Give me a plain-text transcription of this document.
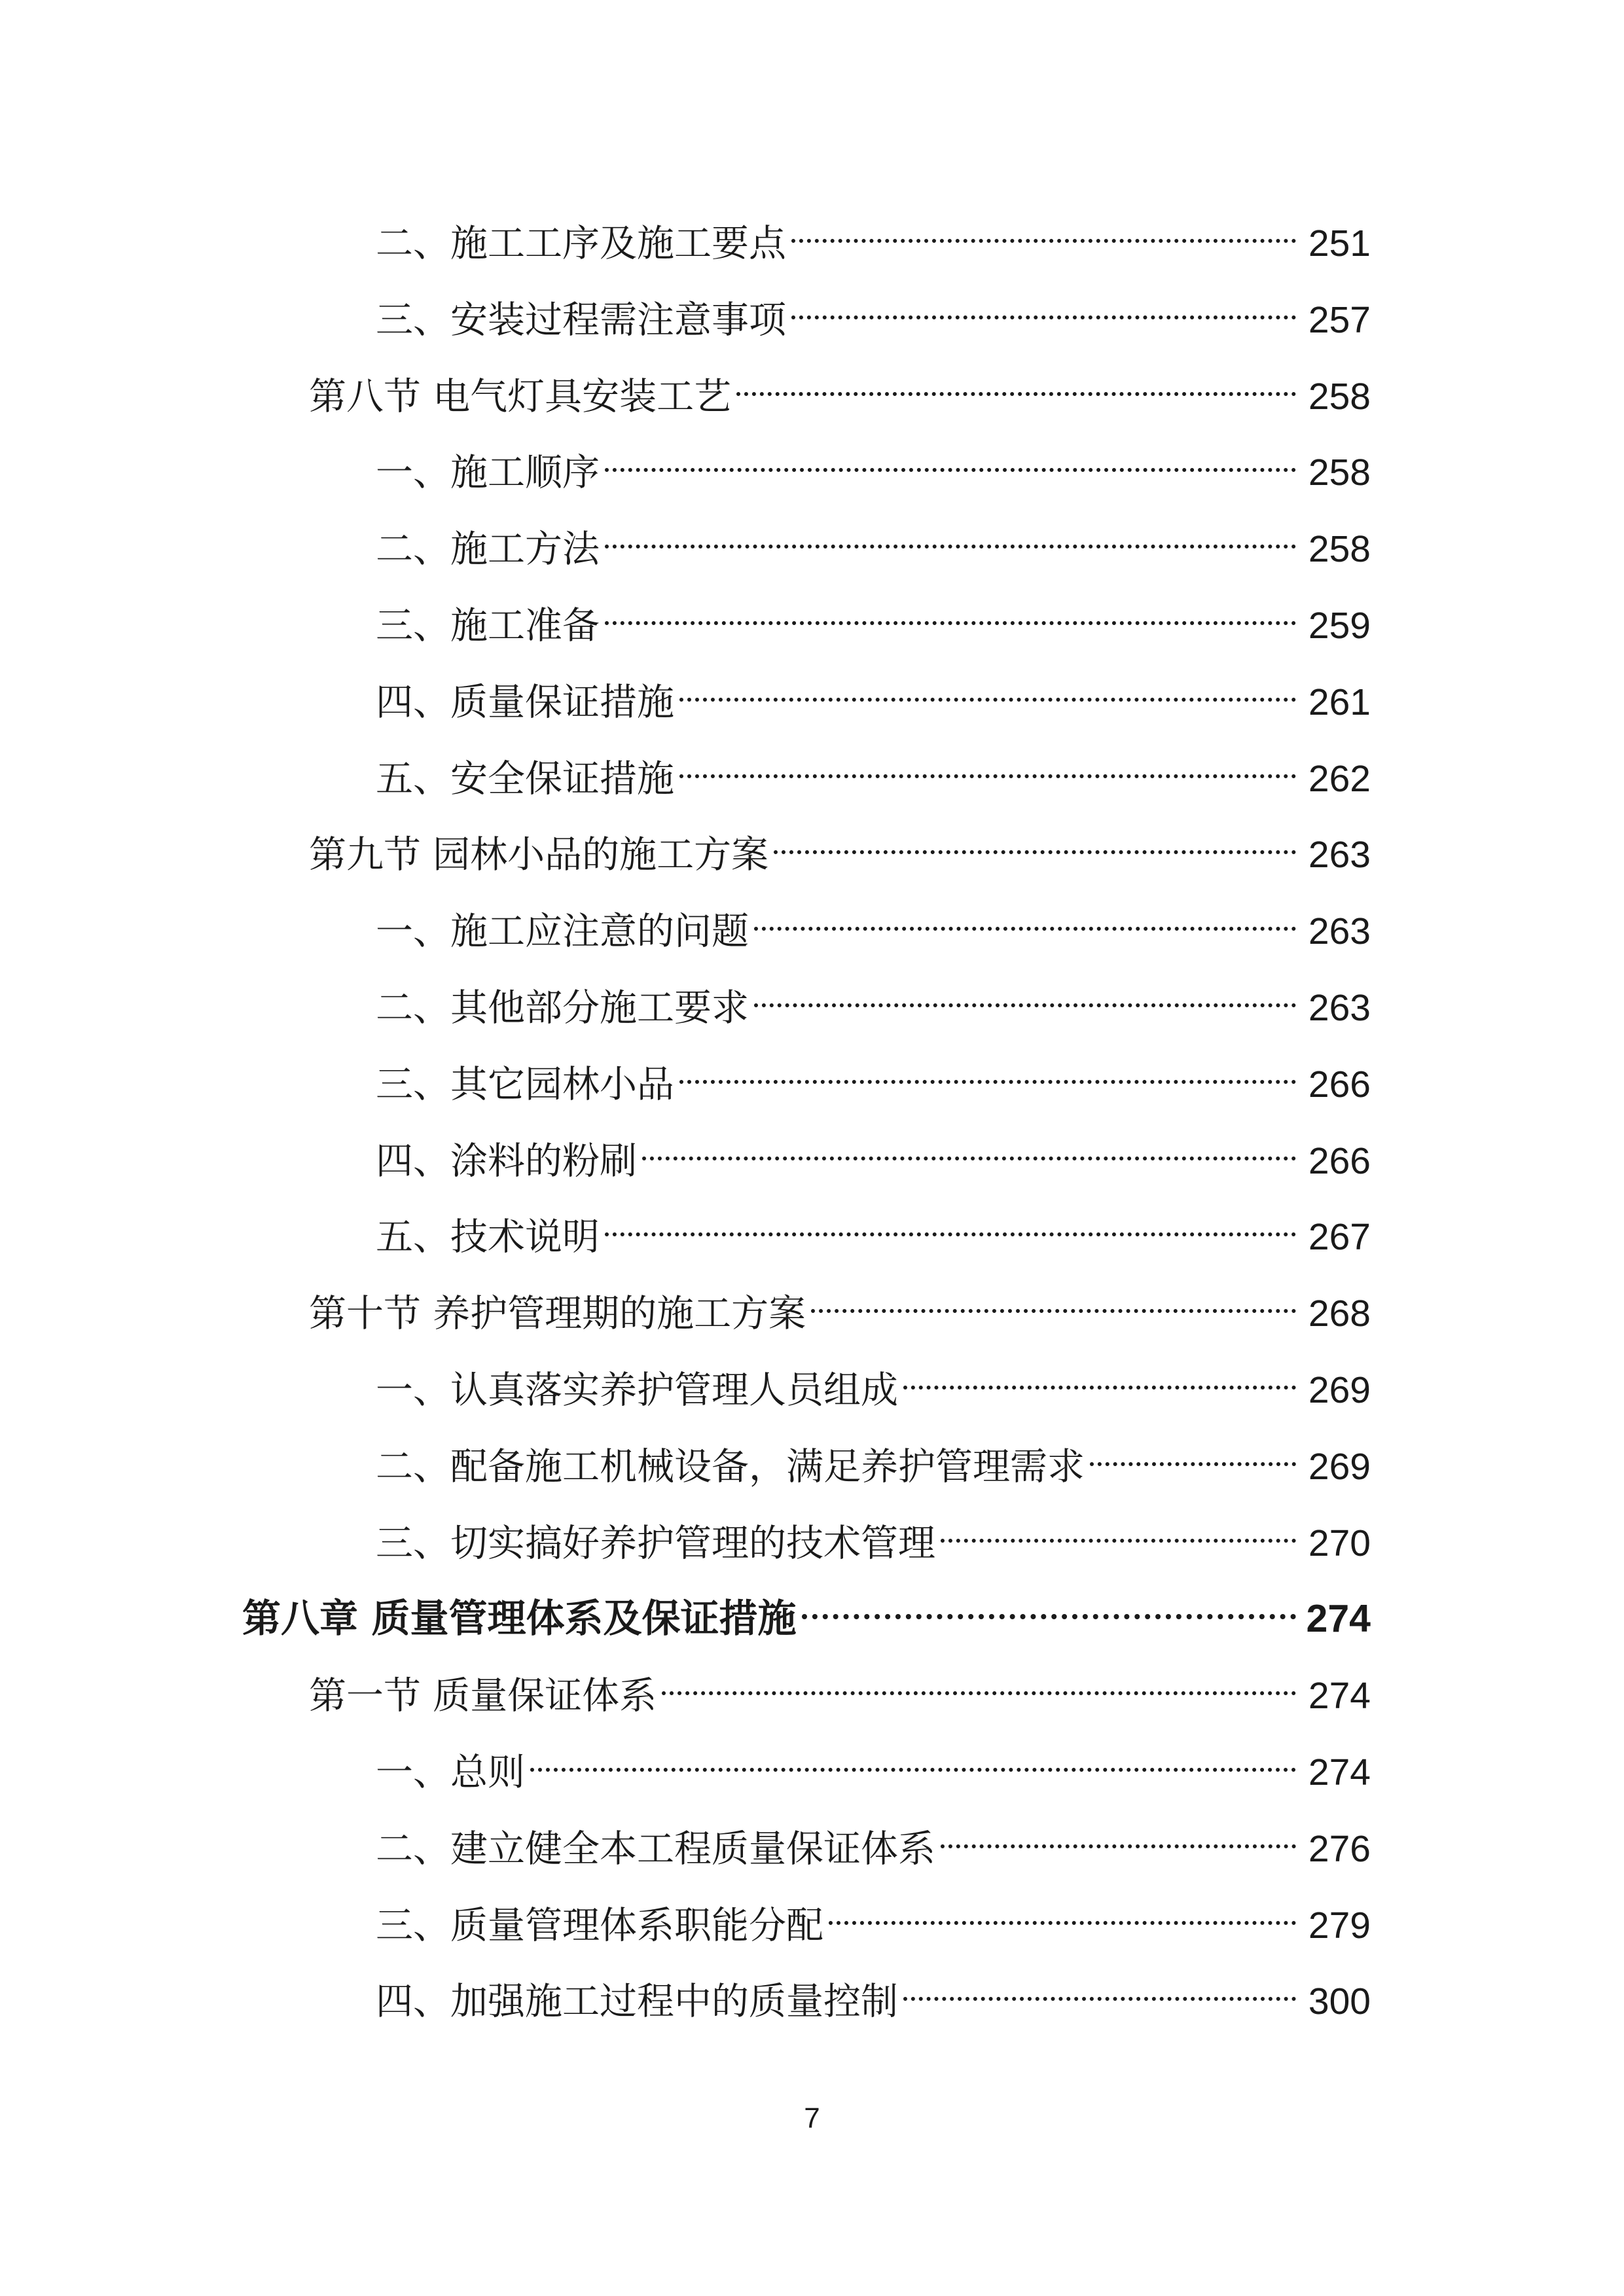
二、施工工序及施工要点	251
三、安装过程需注意事项	257
第八节 电气灯具安装工艺	258
一、施工顺序	258
二、施工方法	258
三、施工准备	259
四、质量保证措施	261
五、安全保证措施	262
第九节 园林小品的施工方案	263
一、施工应注意的问题	263
二、其他部分施工要求	263
三、其它园林小品	266
四、涂料的粉刷	266
五、技术说明	267
第十节 养护管理期的施工方案	268
一、认真落实养护管理人员组成	269
二、配备施工机械设备，满足养护管理需求	269
三、切实搞好养护管理的技术管理	270
第八章 质量管理体系及保证措施	274
第一节 质量保证体系	274
一、总则	274
二、建立健全本工程质量保证体系	276
三、质量管理体系职能分配	279
四、加强施工过程中的质量控制	300
7
